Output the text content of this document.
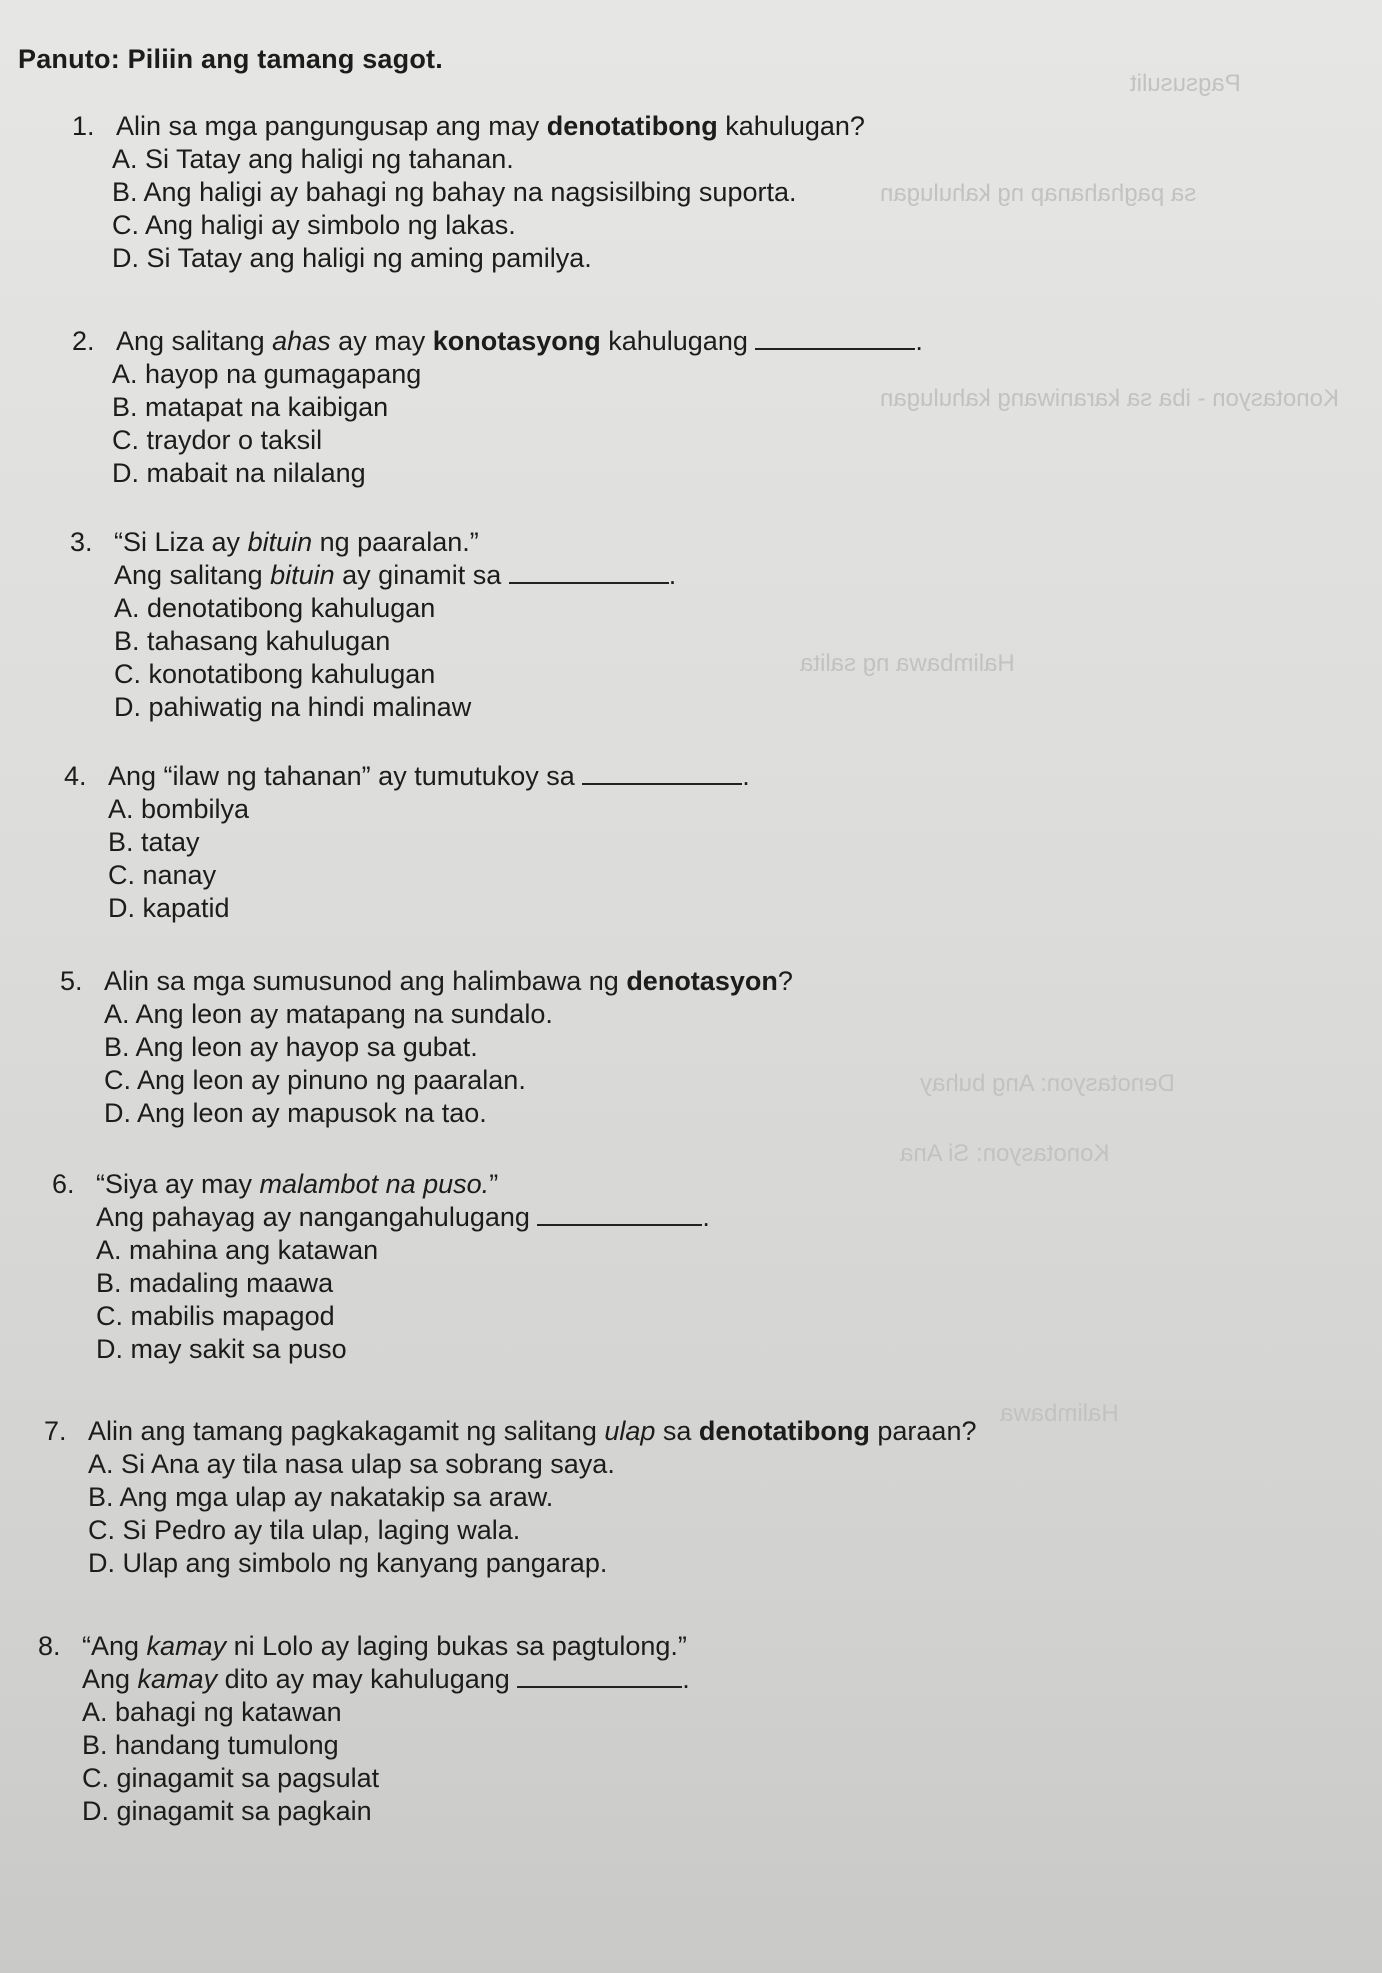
Pagsusulit
sa paghahanap ng kahulugan
Konotasyon - iba sa karaniwang kahulugan
Halimbawa ng salita
Denotasyon: Ang buhay
Konotasyon: Si Ana
Halimbawa
Panuto: Piliin ang tamang sagot.
1. Alin sa mga pangungusap ang may denotatibong kahulugan?
A. Si Tatay ang haligi ng tahanan.
B. Ang haligi ay bahagi ng bahay na nagsisilbing suporta.
C. Ang haligi ay simbolo ng lakas.
D. Si Tatay ang haligi ng aming pamilya.
2. Ang salitang ahas ay may konotasyong kahulugang	.
A. hayop na gumagapang
B. matapat na kaibigan
C. traydor o taksil
D. mabait na nilalang
3. “Si Liza ay bituin ng paaralan.”
Ang salitang bituin ay ginamit sa	.
A. denotatibong kahulugan
B. tahasang kahulugan
C. konotatibong kahulugan
D. pahiwatig na hindi malinaw
4. Ang “ilaw ng tahanan” ay tumutukoy sa	.
A. bombilya
B. tatay
C. nanay
D. kapatid
5. Alin sa mga sumusunod ang halimbawa ng denotasyon?
A. Ang leon ay matapang na sundalo.
B. Ang leon ay hayop sa gubat.
C. Ang leon ay pinuno ng paaralan.
D. Ang leon ay mapusok na tao.
6. “Siya ay may malambot na puso.”
Ang pahayag ay nangangahulugang	.
A. mahina ang katawan
B. madaling maawa
C. mabilis mapagod
D. may sakit sa puso
7. Alin ang tamang pagkakagamit ng salitang ulap sa denotatibong paraan?
A. Si Ana ay tila nasa ulap sa sobrang saya.
B. Ang mga ulap ay nakatakip sa araw.
C. Si Pedro ay tila ulap, laging wala.
D. Ulap ang simbolo ng kanyang pangarap.
8. “Ang kamay ni Lolo ay laging bukas sa pagtulong.”
Ang kamay dito ay may kahulugang	.
A. bahagi ng katawan
B. handang tumulong
C. ginagamit sa pagsulat
D. ginagamit sa pagkain
